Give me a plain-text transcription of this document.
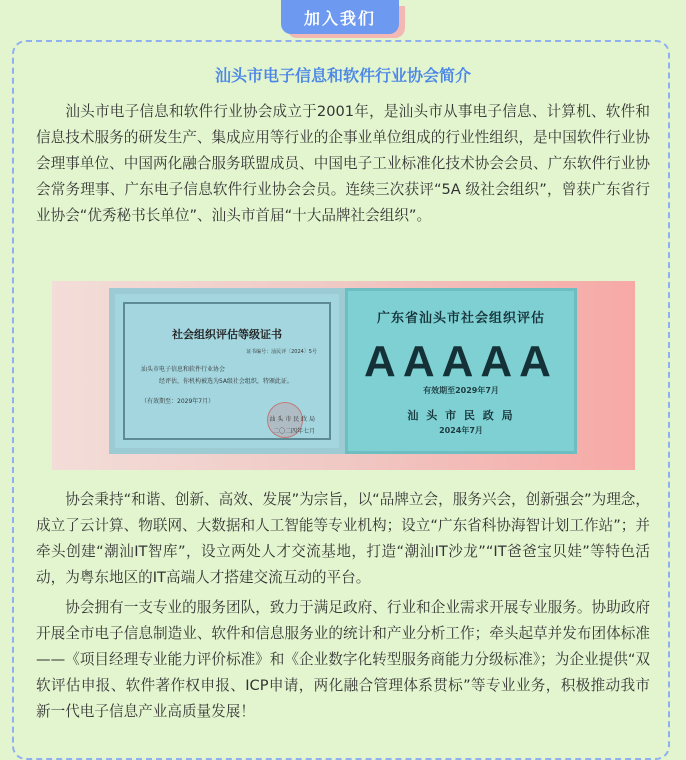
加入我们
汕头市电子信息和软件行业协会简介

汕头市电子信息和软件行业协会成立于2001年，是汕头市从事电子信息、计算机、软件和信息技术服务的研发生产、集成应用等行业的企事业单位组成的行业性组织，是中国软件行业协会理事单位、中国两化融合服务联盟成员、中国电子工业标准化技术协会会员、广东软件行业协会常务理事、广东电子信息软件行业协会会员。连续三次获评“5A 级社会组织”，曾获广东省行业协会“优秀秘书长单位”、汕头市首届“十大品牌社会组织”。

社会组织评估等级证书
证书编号：汕民评〔2024〕5号
汕头市电子信息和软件行业协会
经评估，你机构被选为5A级社会组织，特颁此证。
（有效期至：2029年7月）
汕 头 市 民 政 局
二〇二四年七月
广东省汕头市社会组织评估
AAAAA
有效期至2029年7月
汕 头 市 民 政 局
2024年7月

协会秉持“和谐、创新、高效、发展”为宗旨，以“品牌立会，服务兴会，创新强会”为理念，成立了云计算、物联网、大数据和人工智能等专业机构；设立“广东省科协海智计划工作站”；并牵头创建“潮汕IT智库”，设立两处人才交流基地，打造“潮汕IT沙龙”“IT爸爸宝贝娃”等特色活动，为粤东地区的IT高端人才搭建交流互动的平台。

协会拥有一支专业的服务团队，致力于满足政府、行业和企业需求开展专业服务。协助政府开展全市电子信息制造业、软件和信息服务业的统计和产业分析工作；牵头起草并发布团体标准——《项目经理专业能力评价标准》和《企业数字化转型服务商能力分级标准》；为企业提供“双软评估申报、软件著作权申报、ICP申请，两化融合管理体系贯标”等专业业务，积极推动我市新一代电子信息产业高质量发展！
